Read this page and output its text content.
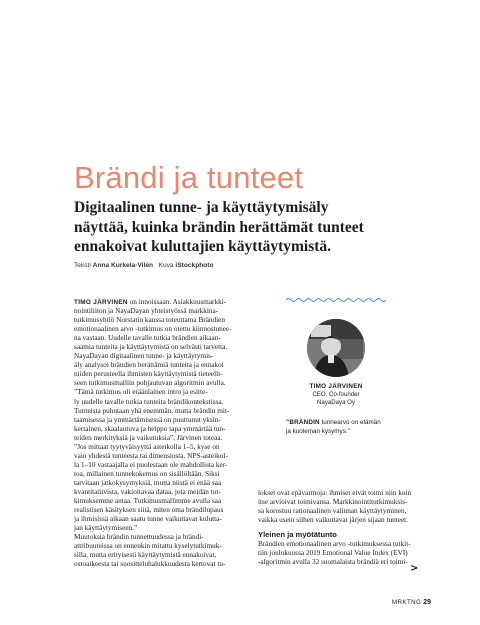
Brändi ja tunteet
Digitaalinen tunne- ja käyttäytymisäly
näyttää, kuinka brändin herättämät tunteet
ennakoivat kuluttajien käyttäytymistä.
Teksti Anna Kurkela-Vilén Kuva iStockphoto
TIMO JÄRVINEN on innoissaan. Asiakkuusmarkki-
nointiliiton ja NayaDayan yhteistyössä markkina-
tutkimusyhtiö Norstatin kanssa toteuttama Brändien
emotionaalinen arvo -tutkimus on otettu kiinnostunee-
na vastaan. Uudelle tavalle tutkia brändien aikaan-
saamia tunteita ja käyttäytymistä on selvästi tarvetta.
NayaDayan digitaalinen tunne- ja käyttäytymis-
äly analysoi brändien herättämiä tunteita ja ennakoi
niiden perusteella ihmisten käyttäytymistä tieteelli-
seen tutkimusmalliin pohjautuvan algoritmin avulla.
”Tämä tutkimus oli eräänlainen intro ja esitte-
ly uudelle tavalle tutkia tunteita brändikontekstissa.
Tunteista puhutaan yhä enemmän, mutta brändin mit-
taamisessa ja ymmärtämisessä on puuttunut yksin-
kertainen, skaalautuva ja helppo tapa ymmärtää tun-
teiden merkityksiä ja vaikutuksia”, Järvinen toteaa.
”Jos mittaat tyytyväisyyttä asteikolla 1–5, kyse on
vain yhdestä tunteesta tai dimensiosta. NPS-asteikol-
la 1–10 vastaajalla ei puolestaan ole mahdollista ker-
toa, millainen tunnekokemus on sisällöltään. Siksi
tarvitaan jatkokysymyksiä, mutta niistä ei enää saa
kvantitatiivista, vakioitavaa dataa, jota meidän tut-
kimuksemme antaa. Tutkimusmallimme avulla saa
realistisen käsityksen siitä, miten oma brändilupaus
ja ihmisissä aikaan saatu tunne vaikuttavat kulutta-
jan käyttäytymiseen.”
Muutoksia brändin tunnettuudessa ja brändi-
attribuuteissa on ennenkin mitattu kyselytutkimuk-
silla, mutta erityisesti käyttäytymistä ennakoivat,
ostoaikeesta tai suositteluhalukkuudesta kertovat tu-
TIMO JÄRVINEN
CEO, Co-founder
NayaDaya Oy
”BRÄNDIN tunnearvo on elämän
ja kuoleman kysymys.”
lokset ovat epävarmoja: ihmiset eivät toimi niin kuin
itse arvioivat toimivansa. Markkinointitutkimuksis-
sa korostuu rationaalinen valinnan käyttäytyminen,
vaikka usein siihen vaikuttavat järjen sijaan tunteet.
Yleinen ja myötätunto
Brändien emotionaalinen arvo -tutkimuksessa tutkit-
tiin joulukuussa 2019 Emotional Value Index (EVI)
-algoritmin avulla 32 suomalaista brändiä eri toimi-
>
MRKTNG 29
